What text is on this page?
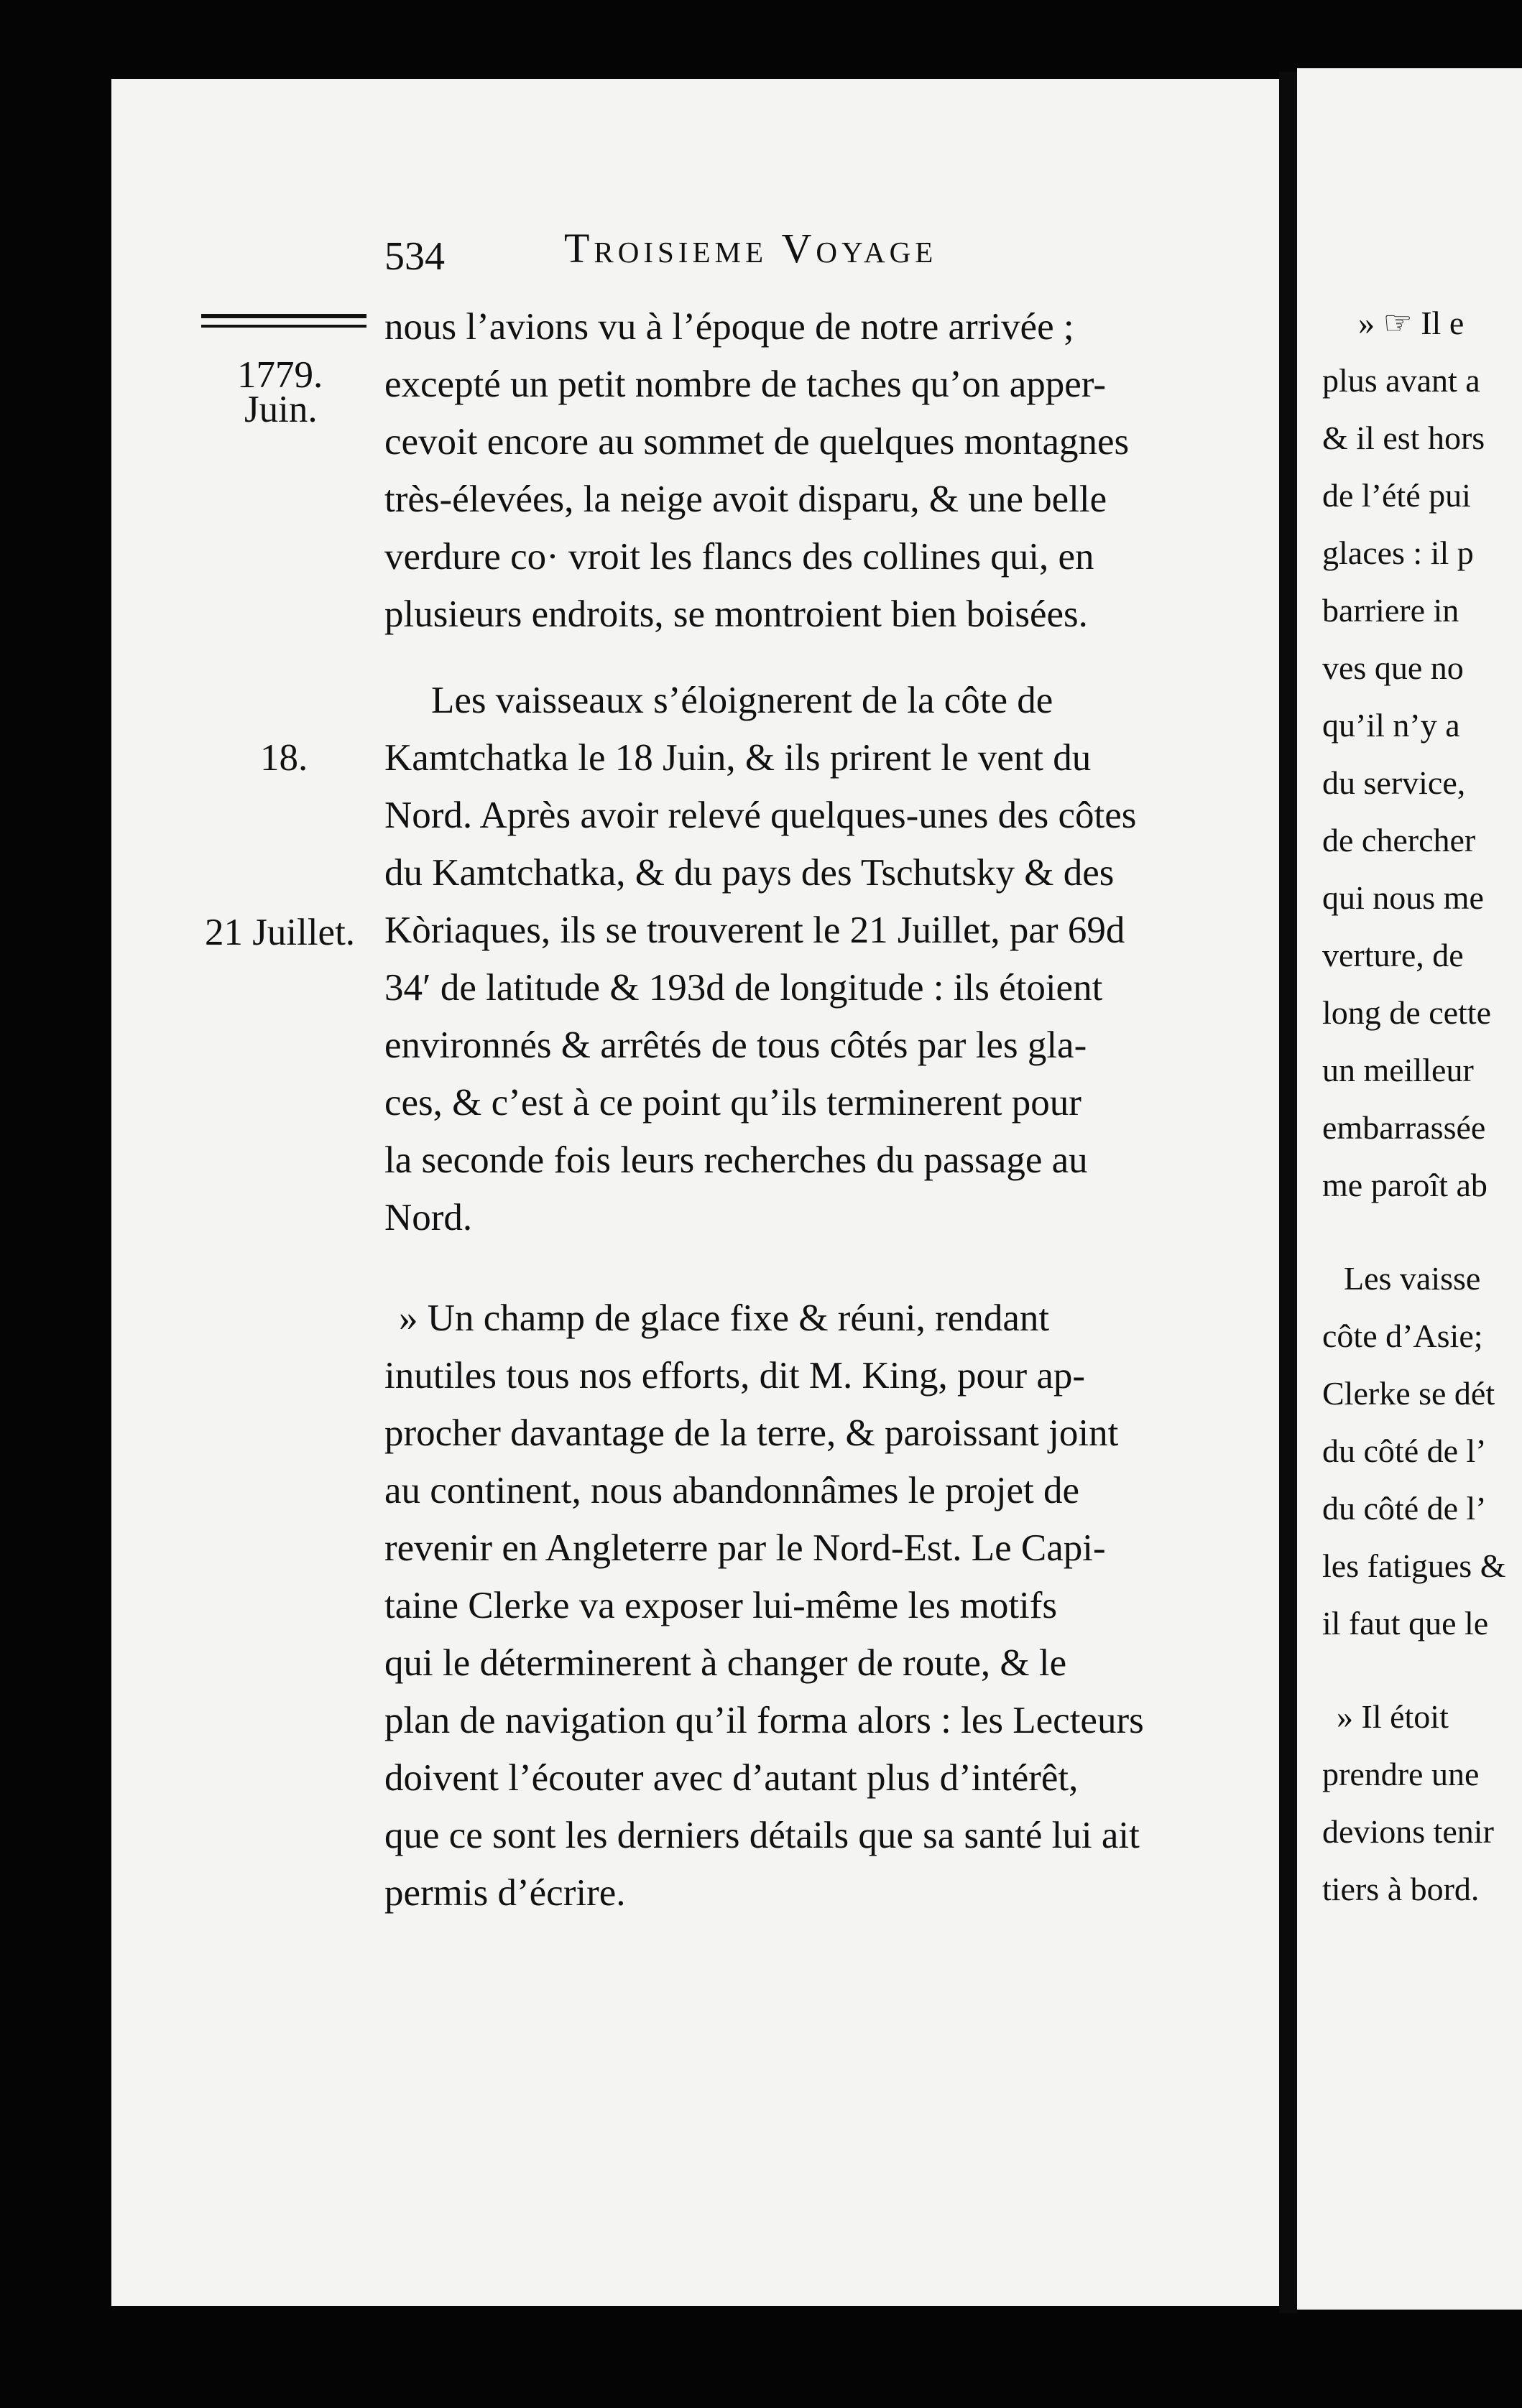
534	Troisieme Voyage
1779.
Juin.
18.
21 Juillet.
nous l’avions vu à l’époque de notre arrivée ;
excepté un petit nombre de taches qu’on apper-
cevoit encore au sommet de quelques montagnes
très-élevées, la neige avoit disparu, & une belle
verdure co· vroit les flancs des collines qui, en
plusieurs endroits, se montroient bien boisées.
Les vaisseaux s’éloignerent de la côte de
Kamtchatka le 18 Juin, & ils prirent le vent du
Nord. Après avoir relevé quelques-unes des côtes
du Kamtchatka, & du pays des Tschutsky & des
Kòriaques, ils se trouverent le 21 Juillet, par 69d
34′ de latitude & 193d de longitude : ils étoient
environnés & arrêtés de tous côtés par les gla-
ces, & c’est à ce point qu’ils terminerent pour
la seconde fois leurs recherches du passage au
Nord.
» Un champ de glace fixe & réuni, rendant
inutiles tous nos efforts, dit M. King, pour ap-
procher davantage de la terre, & paroissant joint
au continent, nous abandonnâmes le projet de
revenir en Angleterre par le Nord-Est. Le Capi-
taine Clerke va exposer lui-même les motifs
qui le déterminerent à changer de route, & le
plan de navigation qu’il forma alors : les Lecteurs
doivent l’écouter avec d’autant plus d’intérêt,
que ce sont les derniers détails que sa santé lui ait
permis d’écrire.
» ☞ Il e
plus avant a
& il est hors
de l’été pui
glaces : il p
barriere in
ves que no
qu’il n’y a
du service,
de chercher
qui nous me
verture, de
long de cette
un meilleur
embarrassée
me paroît ab
Les vaisse
côte d’Asie;
Clerke se dét
du côté de l’
du côté de l’
les fatigues &
il faut que le
» Il étoit
prendre une
devions tenir
tiers à bord.
